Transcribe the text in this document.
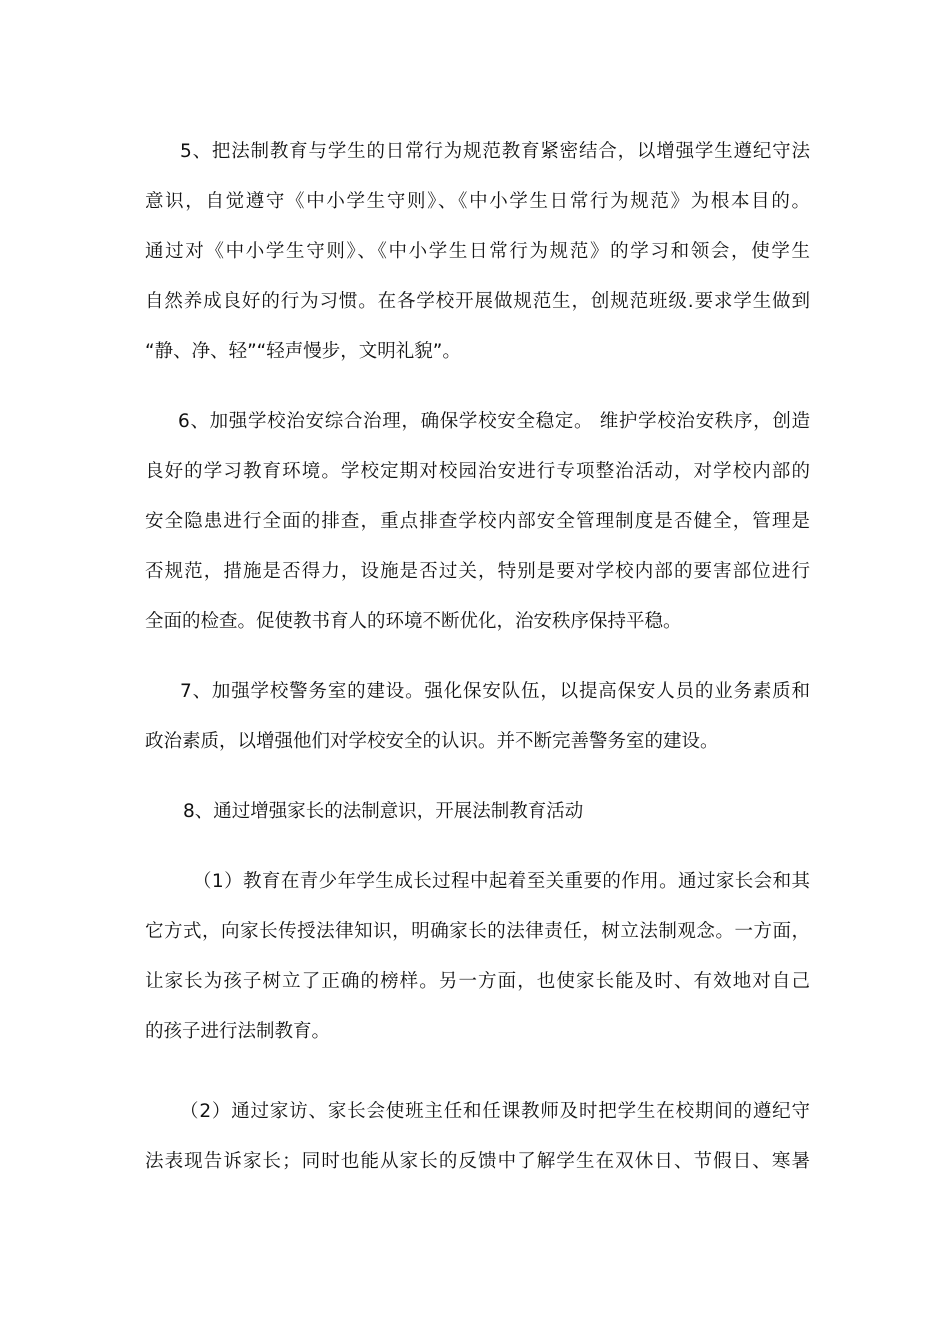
5、把法制教育与学生的日常行为规范教育紧密结合，以增强学生遵纪守法
意识，自觉遵守《中小学生守则》、《中小学生日常行为规范》为根本目的。
通过对《中小学生守则》、《中小学生日常行为规范》的学习和领会，使学生
自然养成良好的行为习惯。在各学校开展做规范生，创规范班级.要求学生做到
“静、净、轻”“轻声慢步，文明礼貌”。
6、加强学校治安综合治理，确保学校安全稳定。 维护学校治安秩序，创造
良好的学习教育环境。学校定期对校园治安进行专项整治活动，对学校内部的
安全隐患进行全面的排查，重点排查学校内部安全管理制度是否健全，管理是
否规范，措施是否得力，设施是否过关，特别是要对学校内部的要害部位进行
全面的检查。促使教书育人的环境不断优化，治安秩序保持平稳。
7、加强学校警务室的建设。强化保安队伍，以提高保安人员的业务素质和
政治素质，以增强他们对学校安全的认识。并不断完善警务室的建设。
8、通过增强家长的法制意识，开展法制教育活动
（1）教育在青少年学生成长过程中起着至关重要的作用。通过家长会和其
它方式，向家长传授法律知识，明确家长的法律责任，树立法制观念。一方面，
让家长为孩子树立了正确的榜样。另一方面，也使家长能及时、有效地对自己
的孩子进行法制教育。
（2）通过家访、家长会使班主任和任课教师及时把学生在校期间的遵纪守
法表现告诉家长；同时也能从家长的反馈中了解学生在双休日、节假日、寒暑
